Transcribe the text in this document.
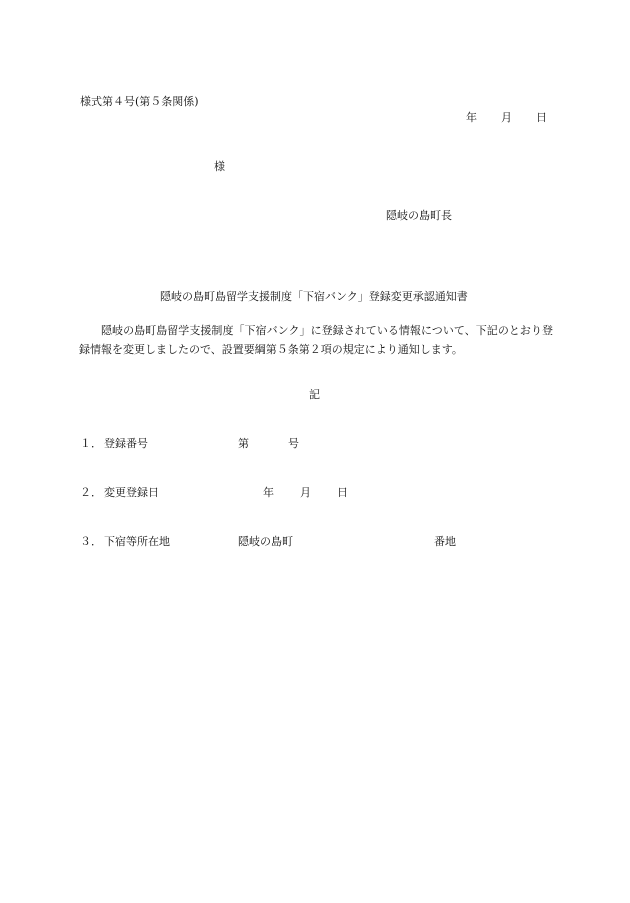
様式第４号(第５条関係)
年 月 日
様
隠岐の島町長
隠岐の島町島留学支援制度「下宿バンク」登録変更承認通知書
隠岐の島町島留学支援制度「下宿バンク」に登録されている情報について、下記のとおり登録情報を変更しましたので、設置要綱第５条第２項の規定により通知します。
記
１． 登録番号	第	号
２． 変更登録日	年 月 日
３． 下宿等所在地	隠岐の島町	番地
